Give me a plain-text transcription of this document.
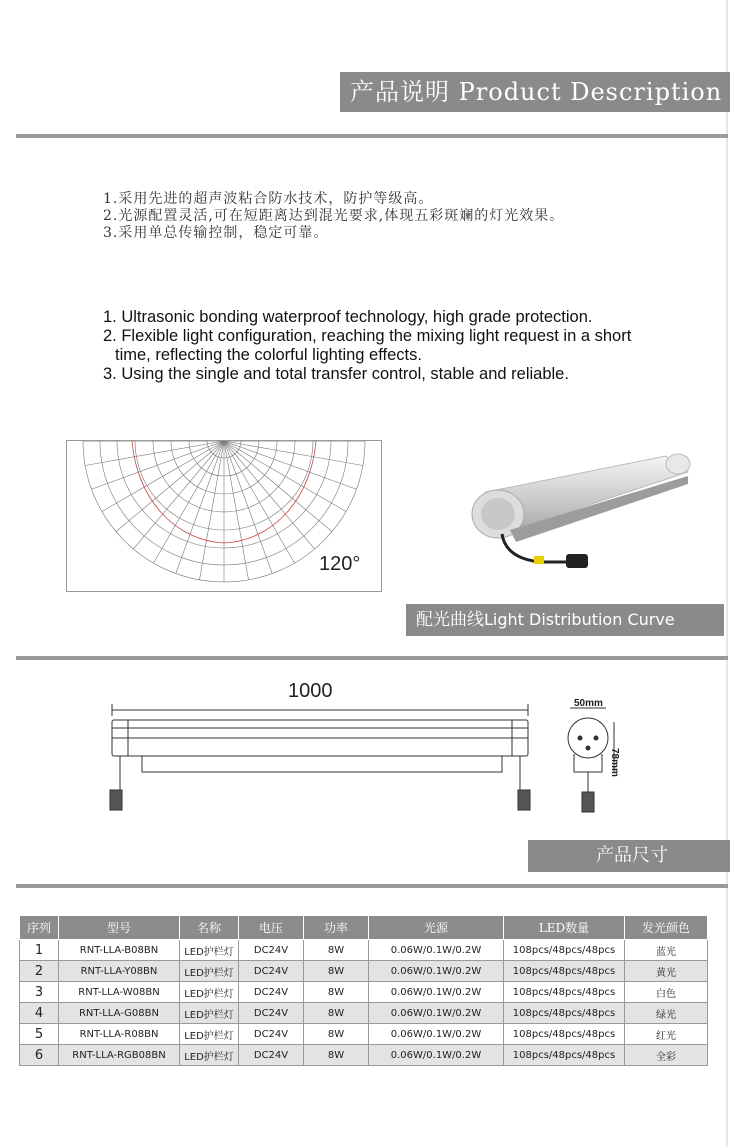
产品说明 Product Description
1.采用先进的超声波粘合防水技术，防护等级高。
2.光源配置灵活,可在短距离达到混光要求,体现五彩斑斓的灯光效果。
3.采用单总传输控制，稳定可靠。
1. Ultrasonic bonding waterproof technology, high grade protection.
2. Flexible light configuration, reaching the mixing light request in a short
time, reflecting the colorful lighting effects.
3. Using the single and total transfer control, stable and reliable.
120°
配光曲线Light Distribution Curve
1000
50mm
78mm
产品尺寸
序列	型号	名称	电压	功率	光源	LED数量	发光颜色
1	RNT-LLA-B08BN	LED护栏灯	DC24V	8W	0.06W/0.1W/0.2W	108pcs/48pcs/48pcs	蓝光
2	RNT-LLA-Y08BN	LED护栏灯	DC24V	8W	0.06W/0.1W/0.2W	108pcs/48pcs/48pcs	黄光
3	RNT-LLA-W08BN	LED护栏灯	DC24V	8W	0.06W/0.1W/0.2W	108pcs/48pcs/48pcs	白色
4	RNT-LLA-G08BN	LED护栏灯	DC24V	8W	0.06W/0.1W/0.2W	108pcs/48pcs/48pcs	绿光
5	RNT-LLA-R08BN	LED护栏灯	DC24V	8W	0.06W/0.1W/0.2W	108pcs/48pcs/48pcs	红光
6	RNT-LLA-RGB08BN	LED护栏灯	DC24V	8W	0.06W/0.1W/0.2W	108pcs/48pcs/48pcs	全彩
